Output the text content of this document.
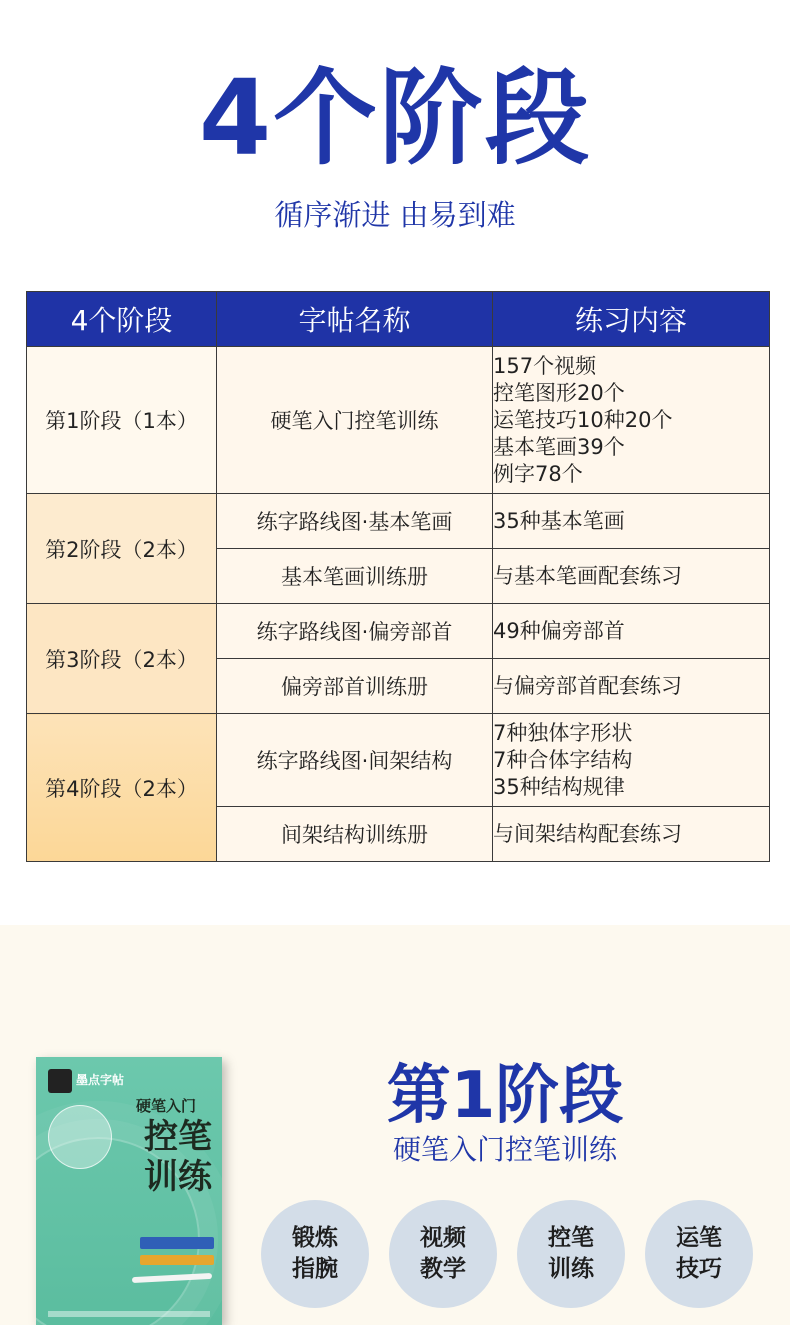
4个阶段
循序渐进 由易到难
4个阶段	字帖名称	练习内容
第1阶段（1本）	硬笔入门控笔训练	157个视频
控笔图形20个
运笔技巧10种20个
基本笔画39个
例字78个

第2阶段（2本）	练字路线图·基本笔画	35种基本笔画
	基本笔画训练册	与基本笔画配套练习
第3阶段（2本）	练字路线图·偏旁部首	49种偏旁部首
	偏旁部首训练册	与偏旁部首配套练习
第4阶段（2本）	练字路线图·间架结构	7种独体字形状
7种合体字结构
35种结构规律

	间架结构训练册	与间架结构配套练习
墨点字帖
硬笔入门
控笔训练
第1阶段
硬笔入门控笔训练
锻炼
指腕
视频
教学
控笔
训练
运笔
技巧
